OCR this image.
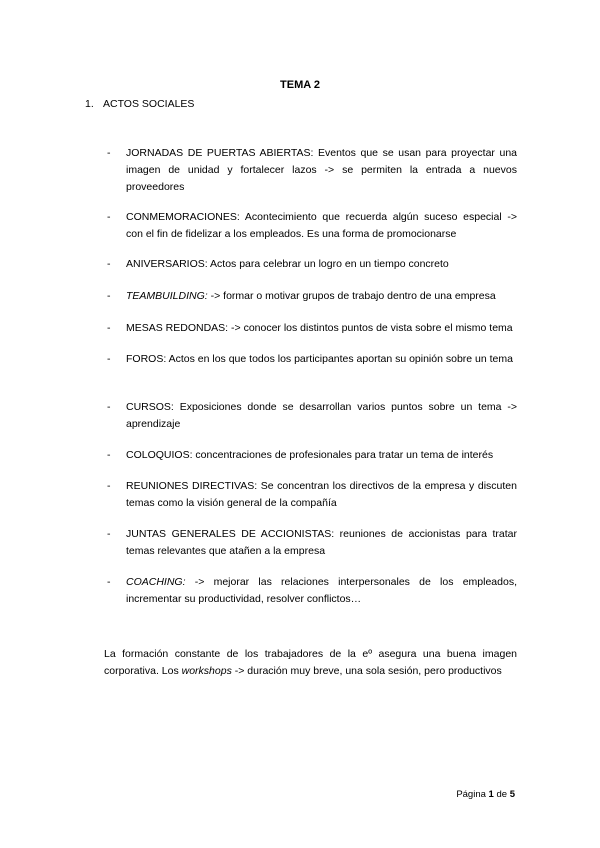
TEMA 2
1. ACTOS SOCIALES
- JORNADAS DE PUERTAS ABIERTAS: Eventos que se usan para proyectar una imagen de unidad y fortalecer lazos -> se permiten la entrada a nuevos proveedores
- CONMEMORACIONES: Acontecimiento que recuerda algún suceso especial -> con el fin de fidelizar a los empleados. Es una forma de promocionarse
- ANIVERSARIOS: Actos para celebrar un logro en un tiempo concreto
- TEAMBUILDING: -> formar o motivar grupos de trabajo dentro de una empresa
- MESAS REDONDAS: -> conocer los distintos puntos de vista sobre el mismo tema
- FOROS: Actos en los que todos los participantes aportan su opinión sobre un tema
- CURSOS: Exposiciones donde se desarrollan varios puntos sobre un tema -> aprendizaje
- COLOQUIOS: concentraciones de profesionales para tratar un tema de interés
- REUNIONES DIRECTIVAS: Se concentran los directivos de la empresa y discuten temas como la visión general de la compañía
- JUNTAS GENERALES DE ACCIONISTAS: reuniones de accionistas para tratar temas relevantes que atañen a la empresa
- COACHING: -> mejorar las relaciones interpersonales de los empleados, incrementar su productividad, resolver conflictos…
La formación constante de los trabajadores de la eº asegura una buena imagen corporativa. Los workshops -> duración muy breve, una sola sesión, pero productivos
Página 1 de 5
